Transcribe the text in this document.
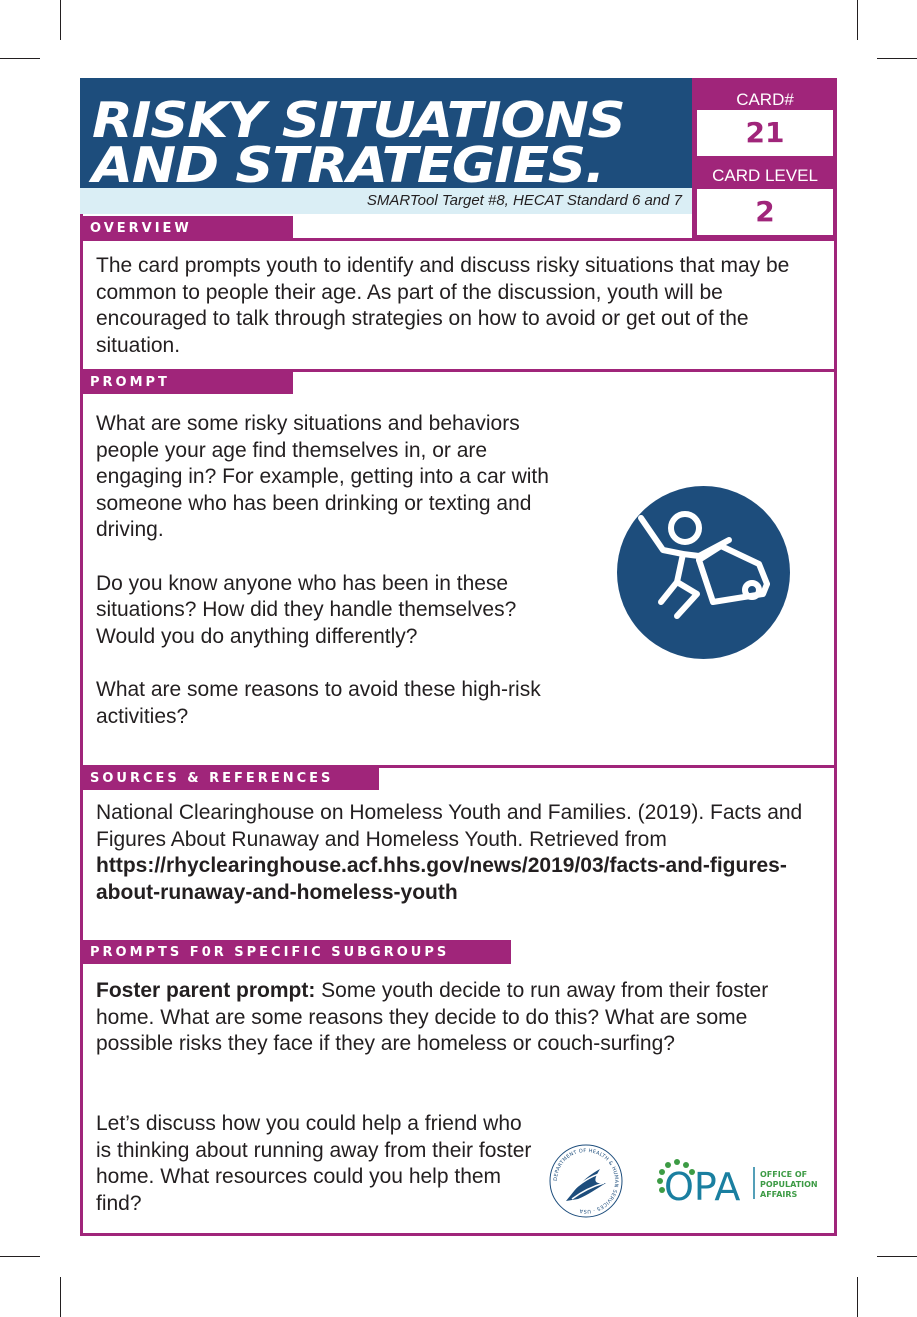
RISKY SITUATIONS
AND STRATEGIES.
SMARTool Target #8, HECAT Standard 6 and 7
CARD#
21
CARD LEVEL
2
OVERVIEW

The card prompts youth to identify and discuss risky situations that may be common to people their age. As part of the discussion, youth will be encouraged to talk through strategies on how to avoid or get out of the situation.

PROMPT

What are some risky situations and behaviors people your age find themselves in, or are engaging in? For example, getting into a car with someone who has been drinking or texting and driving.

Do you know anyone who has been in these situations? How did they handle themselves? Would you do anything differently?

What are some reasons to avoid these high-risk activities?

SOURCES & REFERENCES

National Clearinghouse on Homeless Youth and Families. (2019). Facts and Figures About Runaway and Homeless Youth. Retrieved from https://rhyclearinghouse.acf.hhs.gov/news/2019/03/facts-and-figures-about-runaway-and-homeless-youth

PROMPTS F0R SPECIFIC SUBGROUPS

Foster parent prompt: Some youth decide to run away from their foster home. What are some reasons they decide to do this? What are some possible risks they face if they are homeless or couch-surfing?

Let’s discuss how you could help a friend who is thinking about running away from their foster home. What resources could you help them find?

DEPARTMENT OF HEALTH & HUMAN SERVICES · USA
OPA OFFICE OF
POPULATION
AFFAIRS
